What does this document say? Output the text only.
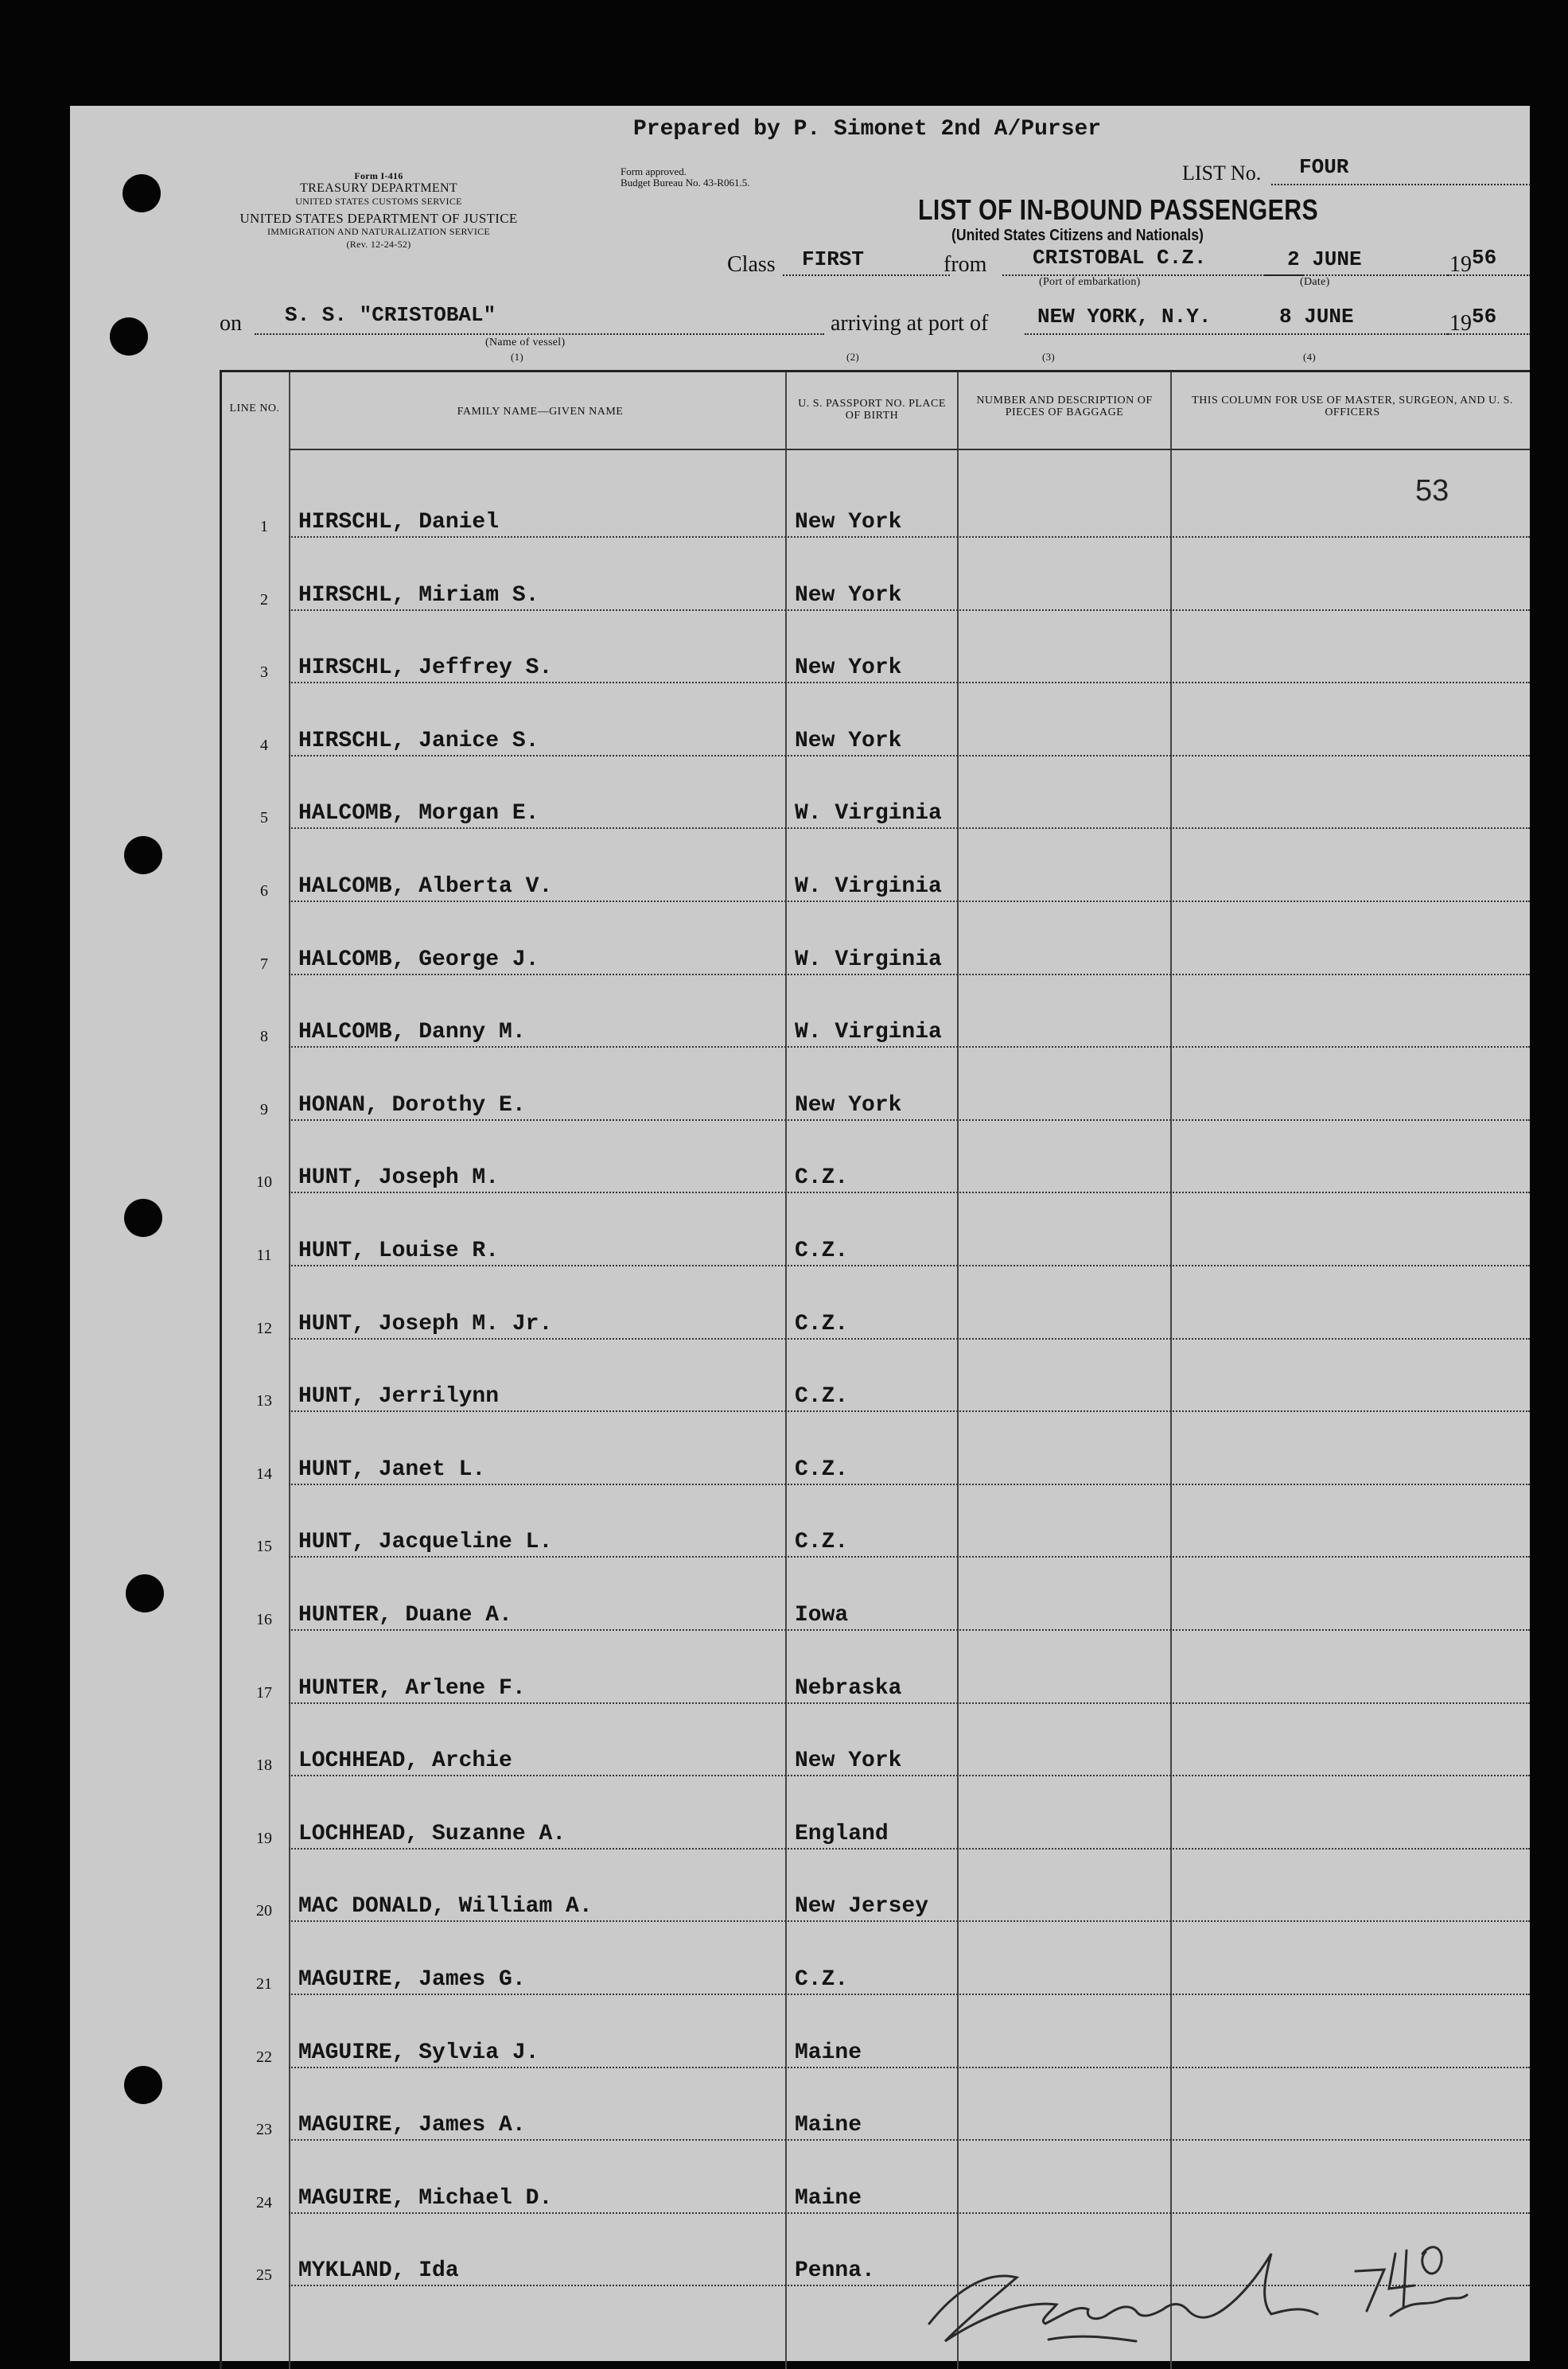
Prepared by P. Simonet 2nd A/Purser
Form I-416
TREASURY DEPARTMENT
UNITED STATES CUSTOMS SERVICE
UNITED STATES DEPARTMENT OF JUSTICE
IMMIGRATION AND NATURALIZATION SERVICE
(Rev. 12-24-52)
Form approved.
Budget Bureau No. 43-R061.5.	LIST No. FOUR
LIST OF IN-BOUND PASSENGERS
(United States Citizens and Nationals)
Class FIRST	from CRISTOBAL C.Z.	2 JUNE	19 56
(Port of embarkation)	(Date)
on S. S. "CRISTOBAL"
(Name of vessel)
arriving at port of NEW YORK, N.Y.	8 JUNE	19 56
(1)	(2)	(3)	(4)
LINE NO.	FAMILY NAME—GIVEN NAME
U. S. PASSPORT NO. PLACE OF BIRTH
NUMBER AND DESCRIPTION OF PIECES OF BAGGAGE
THIS COLUMN FOR USE OF MASTER, SURGEON, AND U. S. OFFICERS
53
1	HIRSCHL, Daniel	New York
2	HIRSCHL, Miriam S.	New York
3	HIRSCHL, Jeffrey S.	New York
4	HIRSCHL, Janice S.	New York
5	HALCOMB, Morgan E.	W. Virginia
6	HALCOMB, Alberta V.	W. Virginia
7	HALCOMB, George J.	W. Virginia
8	HALCOMB, Danny M.	W. Virginia
9	HONAN, Dorothy E.	New York
10 HUNT, Joseph M.	C.Z.
11 HUNT, Louise R.	C.Z.
12 HUNT, Joseph M. Jr.	C.Z.
13 HUNT, Jerrilynn	C.Z.
14 HUNT, Janet L.	C.Z.
15 HUNT, Jacqueline L.	C.Z.
16 HUNTER, Duane A.	Iowa
17 HUNTER, Arlene F.	Nebraska
18 LOCHHEAD, Archie	New York
19 LOCHHEAD, Suzanne A.	England
20 MAC DONALD, William A.	New Jersey
21 MAGUIRE, James G.	C.Z.
22 MAGUIRE, Sylvia J.	Maine
23 MAGUIRE, James A.	Maine
24 MAGUIRE, Michael D.	Maine
25 MYKLAND, Ida	Penna.
